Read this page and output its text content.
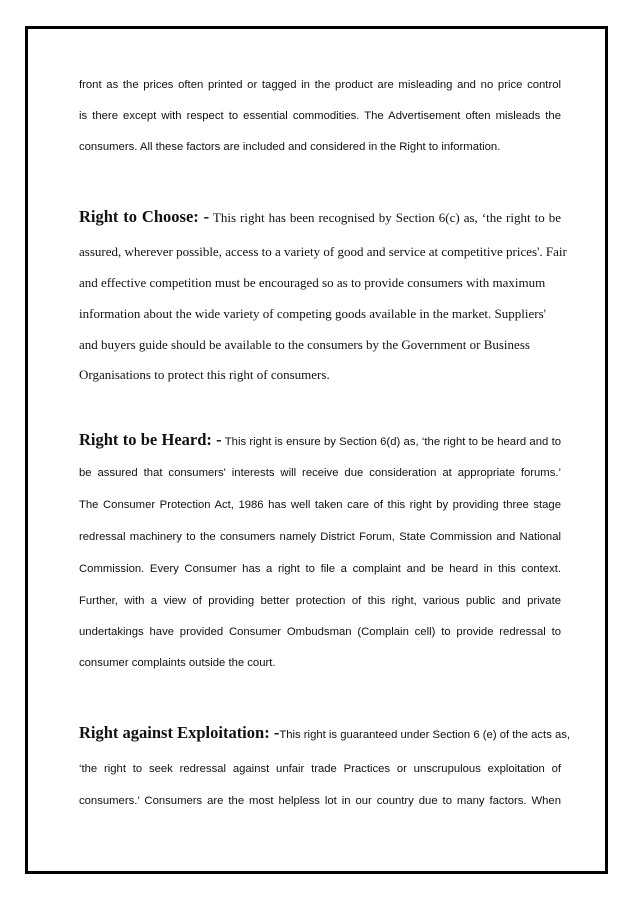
front as the prices often printed or tagged in the product are misleading and no price control

is there except with respect to essential commodities. The Advertisement often misleads the

consumers. All these factors are included and considered in the Right to information.

Right to Choose: - This right has been recognised by Section 6(c) as, ‘the right to be

assured, wherever possible, access to a variety of good and service at competitive prices'. Fair

and effective competition must be encouraged so as to provide consumers with maximum

information about the wide variety of competing goods available in the market. Suppliers'

and buyers guide should be available to the consumers by the Government or Business

Organisations to protect this right of consumers.

Right to be Heard: - This right is ensure by Section 6(d) as, ‘the right to be heard and to

be assured that consumers' interests will receive due consideration at appropriate forums.’

The Consumer Protection Act, 1986 has well taken care of this right by providing three stage

redressal machinery to the consumers namely District Forum, State Commission and National

Commission. Every Consumer has a right to file a complaint and be heard in this context.

Further, with a view of providing better protection of this right, various public and private

undertakings have provided Consumer Ombudsman (Complain cell) to provide redressal to

consumer complaints outside the court.

Right against Exploitation: -This right is guaranteed under Section 6 (e) of the acts as,

‘the right to seek redressal against unfair trade Practices or unscrupulous exploitation of

consumers.’ Consumers are the most helpless lot in our country due to many factors. When
